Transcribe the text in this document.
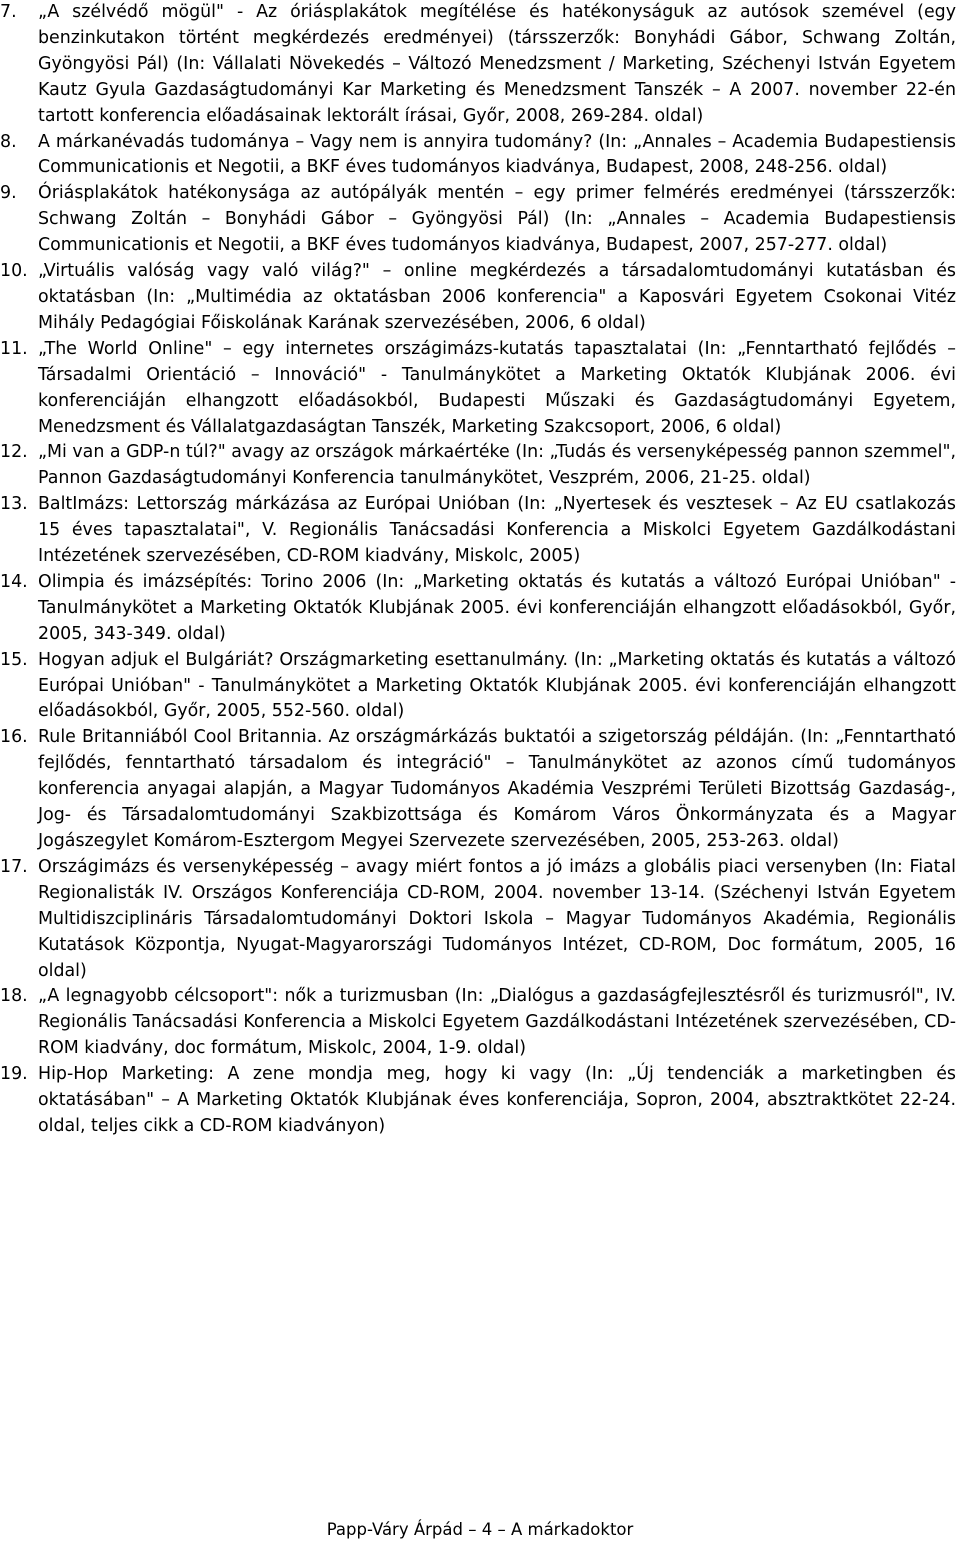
7.	„A szélvédő mögül" - Az óriásplakátok megítélése és hatékonyságuk az autósok szemével (egy benzinkutakon történt megkérdezés eredményei) (társszerzők: Bonyhádi Gábor, Schwang Zoltán, Gyöngyösi Pál) (In: Vállalati Növekedés – Változó Menedzsment / Marketing, Széchenyi István Egyetem Kautz Gyula Gazdaságtudományi Kar Marketing és Menedzsment Tanszék – A 2007. november 22-én tartott konferencia előadásainak lektorált írásai, Győr, 2008, 269-284. oldal)
8.	A márkanévadás tudománya – Vagy nem is annyira tudomány? (In: „Annales – Academia Budapestiensis Communicationis et Negotii, a BKF éves tudományos kiadványa, Budapest, 2008, 248-256. oldal)
9.	Óriásplakátok hatékonysága az autópályák mentén – egy primer felmérés eredményei (társszerzők: Schwang Zoltán – Bonyhádi Gábor – Gyöngyösi Pál) (In: „Annales – Academia Budapestiensis Communicationis et Negotii, a BKF éves tudományos kiadványa, Budapest, 2007, 257-277. oldal)
10. „Virtuális valóság vagy való világ?" – online megkérdezés a társadalomtudományi kutatásban és oktatásban (In: „Multimédia az oktatásban 2006 konferencia" a Kaposvári Egyetem Csokonai Vitéz Mihály Pedagógiai Főiskolának Karának szervezésében, 2006, 6 oldal)
11. „The World Online" – egy internetes országimázs-kutatás tapasztalatai (In: „Fenntartható fejlődés – Társadalmi Orientáció – Innováció" - Tanulmánykötet a Marketing Oktatók Klubjának 2006. évi konferenciáján elhangzott előadásokból, Budapesti Műszaki és Gazdaságtudományi Egyetem, Menedzsment és Vállalatgazdaságtan Tanszék, Marketing Szakcsoport, 2006, 6 oldal)
12. „Mi van a GDP-n túl?" avagy az országok márkaértéke (In: „Tudás és versenyképesség pannon szemmel", Pannon Gazdaságtudományi Konferencia tanulmánykötet, Veszprém, 2006, 21-25. oldal)
13. BaltImázs: Lettország márkázása az Európai Unióban (In: „Nyertesek és vesztesek – Az EU csatlakozás 15 éves tapasztalatai", V. Regionális Tanácsadási Konferencia a Miskolci Egyetem Gazdálkodástani Intézetének szervezésében, CD-ROM kiadvány, Miskolc, 2005)
14. Olimpia és imázsépítés: Torino 2006 (In: „Marketing oktatás és kutatás a változó Európai Unióban" - Tanulmánykötet a Marketing Oktatók Klubjának 2005. évi konferenciáján elhangzott előadásokból, Győr, 2005, 343-349. oldal)
15. Hogyan adjuk el Bulgáriát? Országmarketing esettanulmány. (In: „Marketing oktatás és kutatás a változó Európai Unióban" - Tanulmánykötet a Marketing Oktatók Klubjának 2005. évi konferenciáján elhangzott előadásokból, Győr, 2005, 552-560. oldal)
16. Rule Britanniából Cool Britannia. Az országmárkázás buktatói a szigetország példáján. (In: „Fenntartható fejlődés, fenntartható társadalom és integráció" – Tanulmánykötet az azonos című tudományos konferencia anyagai alapján, a Magyar Tudományos Akadémia Veszprémi Területi Bizottság Gazdaság-, Jog- és Társadalomtudományi Szakbizottsága és Komárom Város Önkormányzata és a Magyar Jogászegylet Komárom-Esztergom Megyei Szervezete szervezésében, 2005, 253-263. oldal)
17. Országimázs és versenyképesség – avagy miért fontos a jó imázs a globális piaci versenyben (In: Fiatal Regionalisták IV. Országos Konferenciája CD-ROM, 2004. november 13-14. (Széchenyi István Egyetem Multidiszciplináris Társadalomtudományi Doktori Iskola – Magyar Tudományos Akadémia, Regionális Kutatások Központja, Nyugat-Magyarországi Tudományos Intézet, CD-ROM, Doc formátum, 2005, 16 oldal)
18. „A legnagyobb célcsoport": nők a turizmusban (In: „Dialógus a gazdaságfejlesztésről és turizmusról", IV. Regionális Tanácsadási Konferencia a Miskolci Egyetem Gazdálkodástani Intézetének szervezésében, CD-ROM kiadvány, doc formátum, Miskolc, 2004, 1-9. oldal)
19. Hip-Hop Marketing: A zene mondja meg, hogy ki vagy (In: „Új tendenciák a marketingben és oktatásában" – A Marketing Oktatók Klubjának éves konferenciája, Sopron, 2004, absztraktkötet 22-24. oldal, teljes cikk a CD-ROM kiadványon)
Papp-Váry Árpád – 4 – A márkadoktor
